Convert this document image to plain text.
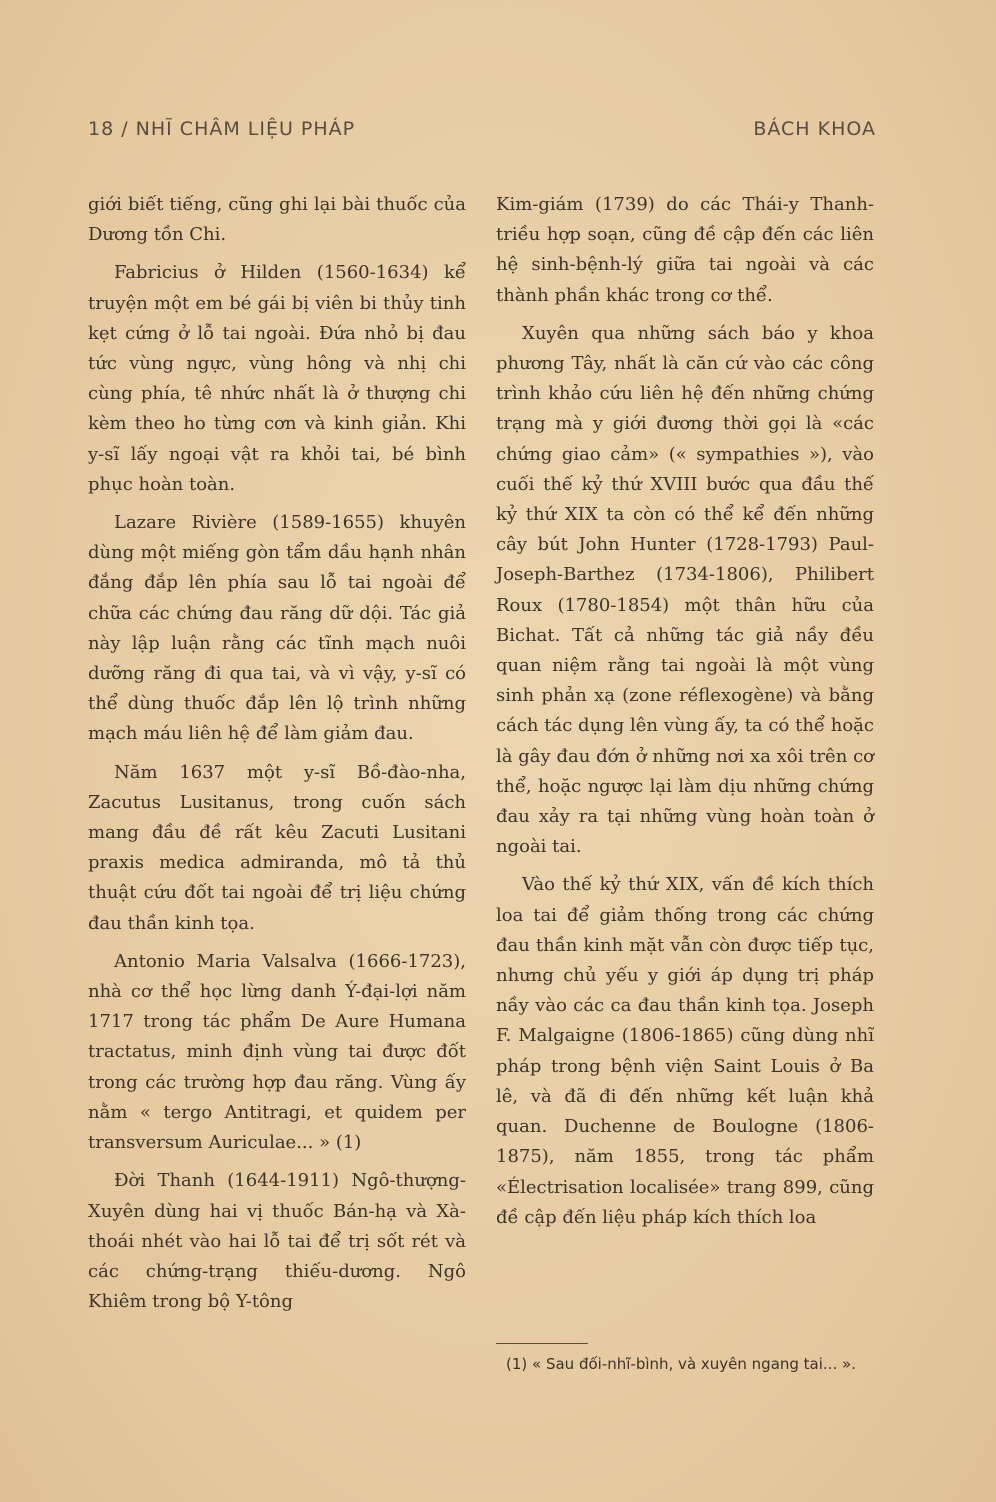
18 / NHĨ CHÂM LIỆU PHÁP	BÁCH KHOA

giới biết tiếng, cũng ghi lại bài thuốc của Dương tồn Chi.

Fabricius ở Hilden (1560-1634) kể truyện một em bé gái bị viên bi thủy tinh kẹt cứng ở lỗ tai ngoài. Đứa nhỏ bị đau tức vùng ngực, vùng hông và nhị chi cùng phía, tê nhức nhất là ở thượng chi kèm theo ho từng cơn và kinh giản. Khi y-sĩ lấy ngoại vật ra khỏi tai, bé bình phục hoàn toàn.

Lazare Rivière (1589-1655) khuyên dùng một miếng gòn tẩm dầu hạnh nhân đắng đắp lên phía sau lỗ tai ngoài để chữa các chứng đau răng dữ dội. Tác giả này lập luận rằng các tĩnh mạch nuôi dưỡng răng đi qua tai, và vì vậy, y-sĩ có thể dùng thuốc đắp lên lộ trình những mạch máu liên hệ để làm giảm đau.

Năm 1637 một y-sĩ Bồ-đào-nha, Zacutus Lusitanus, trong cuốn sách mang đầu đề rất kêu Zacuti Lusitani praxis medica admiranda, mô tả thủ thuật cứu đốt tai ngoài để trị liệu chứng đau thần kinh tọa.

Antonio Maria Valsalva (1666-1723), nhà cơ thể học lừng danh Ý-đại-lợi năm 1717 trong tác phẩm De Aure Humana tractatus, minh định vùng tai được đốt trong các trường hợp đau răng. Vùng ấy nằm « tergo Antitragi, et quidem per transversum Auriculae... » (1)

Đời Thanh (1644-1911) Ngô-thượng-Xuyên dùng hai vị thuốc Bán-hạ và Xà-thoái nhét vào hai lỗ tai để trị sốt rét và các chứng-trạng thiếu-dương. Ngô Khiêm trong bộ Y-tông

Kim-giám (1739) do các Thái-y Thanh-triều hợp soạn, cũng đề cập đến các liên hệ sinh-bệnh-lý giữa tai ngoài và các thành phần khác trong cơ thể.

Xuyên qua những sách báo y khoa phương Tây, nhất là căn cứ vào các công trình khảo cứu liên hệ đến những chứng trạng mà y giới đương thời gọi là «các chứng giao cảm» (« sympathies »), vào cuối thế kỷ thứ XVIII bước qua đầu thế kỷ thứ XIX ta còn có thể kể đến những cây bút John Hunter (1728-1793) Paul-Joseph-Barthez (1734-1806), Philibert Roux (1780-1854) một thân hữu của Bichat. Tất cả những tác giả nầy đều quan niệm rằng tai ngoài là một vùng sinh phản xạ (zone réflexogène) và bằng cách tác dụng lên vùng ấy, ta có thể hoặc là gây đau đớn ở những nơi xa xôi trên cơ thể, hoặc ngược lại làm dịu những chứng đau xảy ra tại những vùng hoàn toàn ở ngoài tai.

Vào thế kỷ thứ XIX, vấn đề kích thích loa tai để giảm thống trong các chứng đau thần kinh mặt vẫn còn được tiếp tục, nhưng chủ yếu y giới áp dụng trị pháp nầy vào các ca đau thần kinh tọa. Joseph F. Malgaigne (1806-1865) cũng dùng nhĩ pháp trong bệnh viện Saint Louis ở Ba lê, và đã đi đến những kết luận khả quan. Duchenne de Boulogne (1806-1875), năm 1855, trong tác phẩm «Électrisation localisée» trang 899, cũng đề cập đến liệu pháp kích thích loa

(1) « Sau đối-nhĩ-bình, và xuyên ngang tai... ».
